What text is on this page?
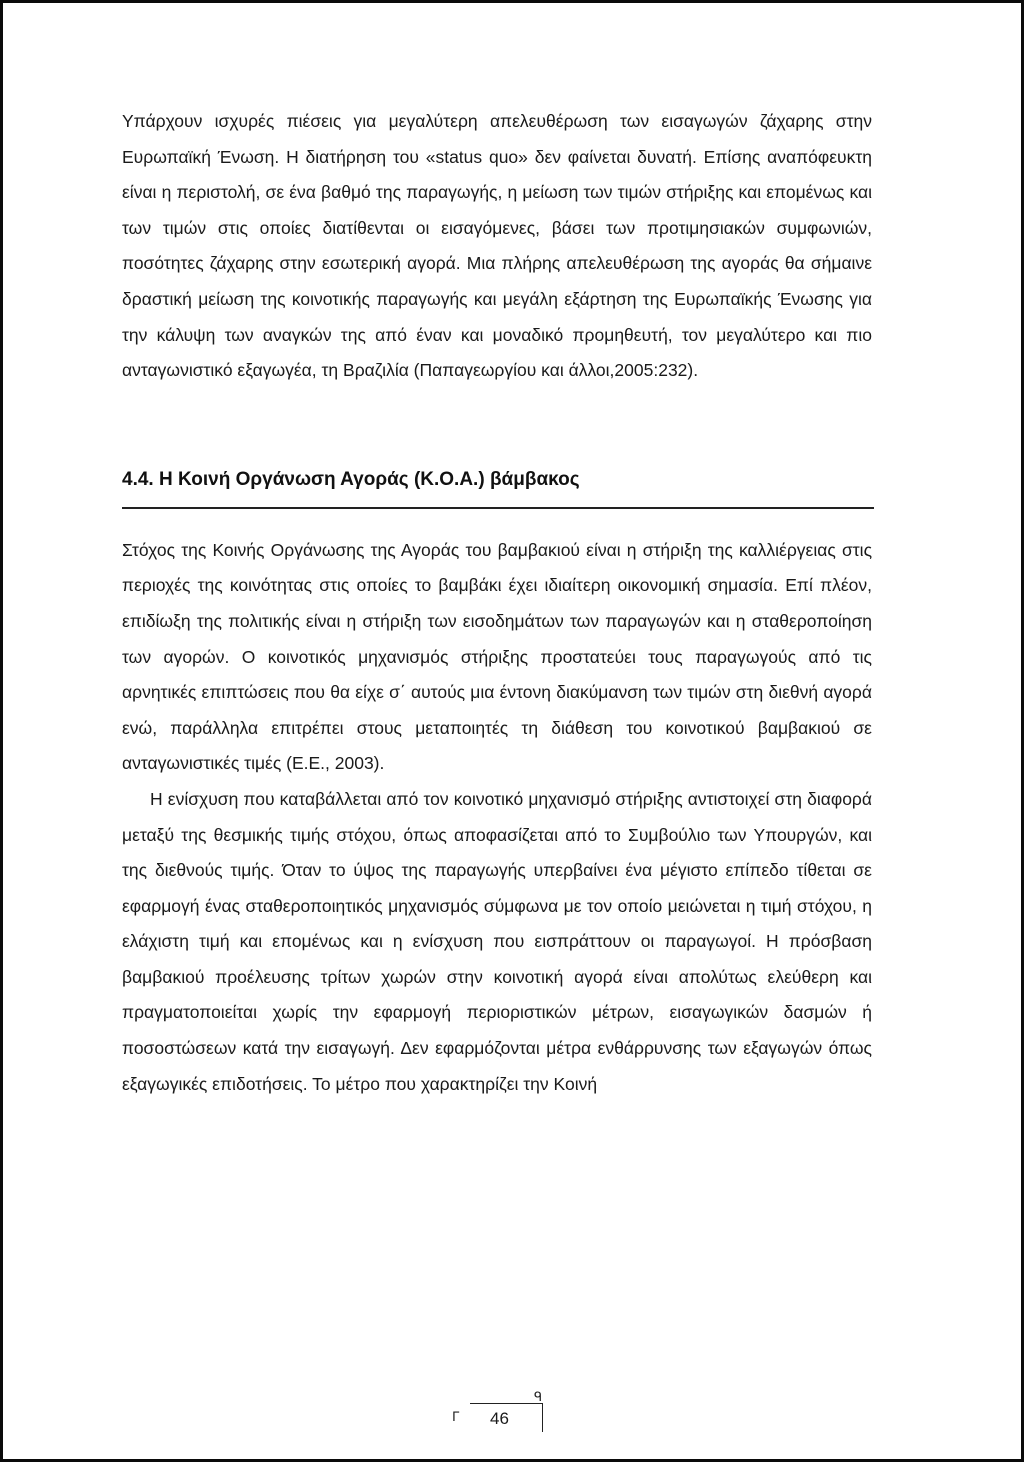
Υπάρχουν ισχυρές πιέσεις για μεγαλύτερη απελευθέρωση των εισαγωγών ζάχαρης στην Ευρωπαϊκή Ένωση. Η διατήρηση του «status quo» δεν φαίνεται δυνατή. Επίσης αναπόφευκτη είναι η περιστολή, σε ένα βαθμό της παραγωγής, η μείωση των τιμών στήριξης και επομένως και των τιμών στις οποίες διατίθενται οι εισαγόμενες, βάσει των προτιμησιακών συμφωνιών, ποσότητες ζάχαρης στην εσωτερική αγορά. Μια πλήρης απελευθέρωση της αγοράς θα σήμαινε δραστική μείωση της κοινοτικής παραγωγής και μεγάλη εξάρτηση της Ευρωπαϊκής Ένωσης για την κάλυψη των αναγκών της από έναν και μοναδικό προμηθευτή, τον μεγαλύτερο και πιο ανταγωνιστικό εξαγωγέα, τη Βραζιλία (Παπαγεωργίου και άλλοι,2005:232).

4.4. Η Κοινή Οργάνωση Αγοράς (Κ.Ο.Α.) βάμβακος

Στόχος της Κοινής Οργάνωσης της Αγοράς του βαμβακιού είναι η στήριξη της καλλιέργειας στις περιοχές της κοινότητας στις οποίες το βαμβάκι έχει ιδιαίτερη οικονομική σημασία. Επί πλέον, επιδίωξη της πολιτικής είναι η στήριξη των εισοδημάτων των παραγωγών και η σταθεροποίηση των αγορών. Ο κοινοτικός μηχανισμός στήριξης προστατεύει τους παραγωγούς από τις αρνητικές επιπτώσεις που θα είχε σ΄ αυτούς μια έντονη διακύμανση των τιμών στη διεθνή αγορά ενώ, παράλληλα επιτρέπει στους μεταποιητές τη διάθεση του κοινοτικού βαμβακιού σε ανταγωνιστικές τιμές (Ε.Ε., 2003).

Η ενίσχυση που καταβάλλεται από τον κοινοτικό μηχανισμό στήριξης αντιστοιχεί στη διαφορά μεταξύ της θεσμικής τιμής στόχου, όπως αποφασίζεται από το Συμβούλιο των Υπουργών, και της διεθνούς τιμής. Όταν το ύψος της παραγωγής υπερβαίνει ένα μέγιστο επίπεδο τίθεται σε εφαρμογή ένας σταθεροποιητικός μηχανισμός σύμφωνα με τον οποίο μειώνεται η τιμή στόχου, η ελάχιστη τιμή και επομένως και η ενίσχυση που εισπράττουν οι παραγωγοί. Η πρόσβαση βαμβακιού προέλευσης τρίτων χωρών στην κοινοτική αγορά είναι απολύτως ελεύθερη και πραγματοποιείται χωρίς την εφαρμογή περιοριστικών μέτρων, εισαγωγικών δασμών ή ποσοστώσεων κατά την εισαγωγή. Δεν εφαρμόζονται μέτρα ενθάρρυνσης των εξαγωγών όπως εξαγωγικές επιδοτήσεις. Το μέτρο που χαρακτηρίζει την Κοινή

ᒥ
ᑫ
46
